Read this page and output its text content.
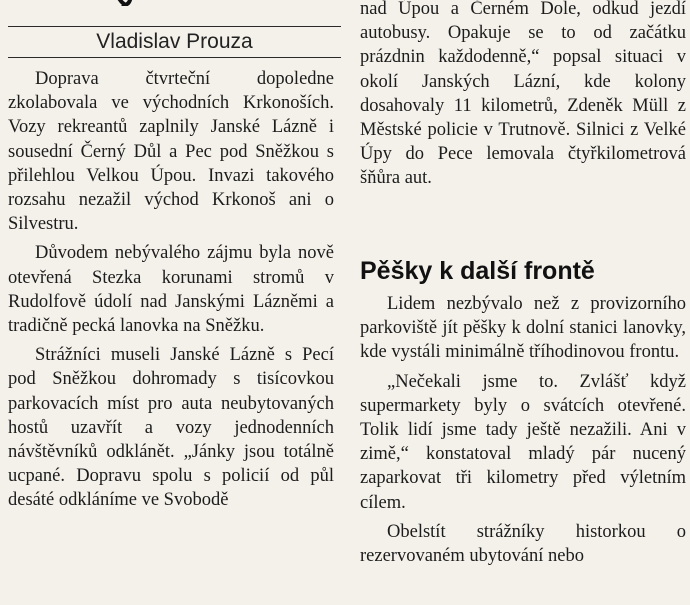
Vladislav Prouza

Doprava čtvrteční dopoledne zkolabovala ve východních Krkonoších. Vozy rekreantů zaplnily Janské Lázně i sousední Černý Důl a Pec pod Sněžkou s přilehlou Velkou Úpou. Invazi takového rozsahu nezažil východ Krkonoš ani o Silvestru.

Důvodem nebývalého zájmu byla nově otevřená Stezka korunami stromů v Rudolfově údolí nad Janskými Lázněmi a tradičně pecká lanovka na Sněžku.

Strážníci museli Janské Lázně s Pecí pod Sněžkou dohromady s tisícovkou parkovacích míst pro auta neubytovaných hostů uzavřít a vozy jednodenních návštěvníků odklánět. „Jánky jsou totálně ucpané. Dopravu spolu s policií od půl desáté odkláníme ve Svobodě

nad Úpou a Černém Dole, odkud jezdí autobusy. Opakuje se to od začátku prázdnin každodenně,“ popsal situaci v okolí Janských Lázní, kde kolony dosahovaly 11 kilometrů, Zdeněk Müll z Městské policie v Trutnově. Silnici z Velké Úpy do Pece lemovala čtyřkilometrová šňůra aut.

Pěšky k další frontě

Lidem nezbývalo než z provizorního parkoviště jít pěšky k dolní stanici lanovky, kde vystáli minimálně tříhodinovou frontu.

„Nečekali jsme to. Zvlášť když supermarkety byly o svátcích otevřené. Tolik lidí jsme tady ještě nezažili. Ani v zimě,“ konstatoval mladý pár nucený zaparkovat tři kilometry před výletním cílem.

Obelstít strážníky historkou o rezervovaném ubytování nebo
